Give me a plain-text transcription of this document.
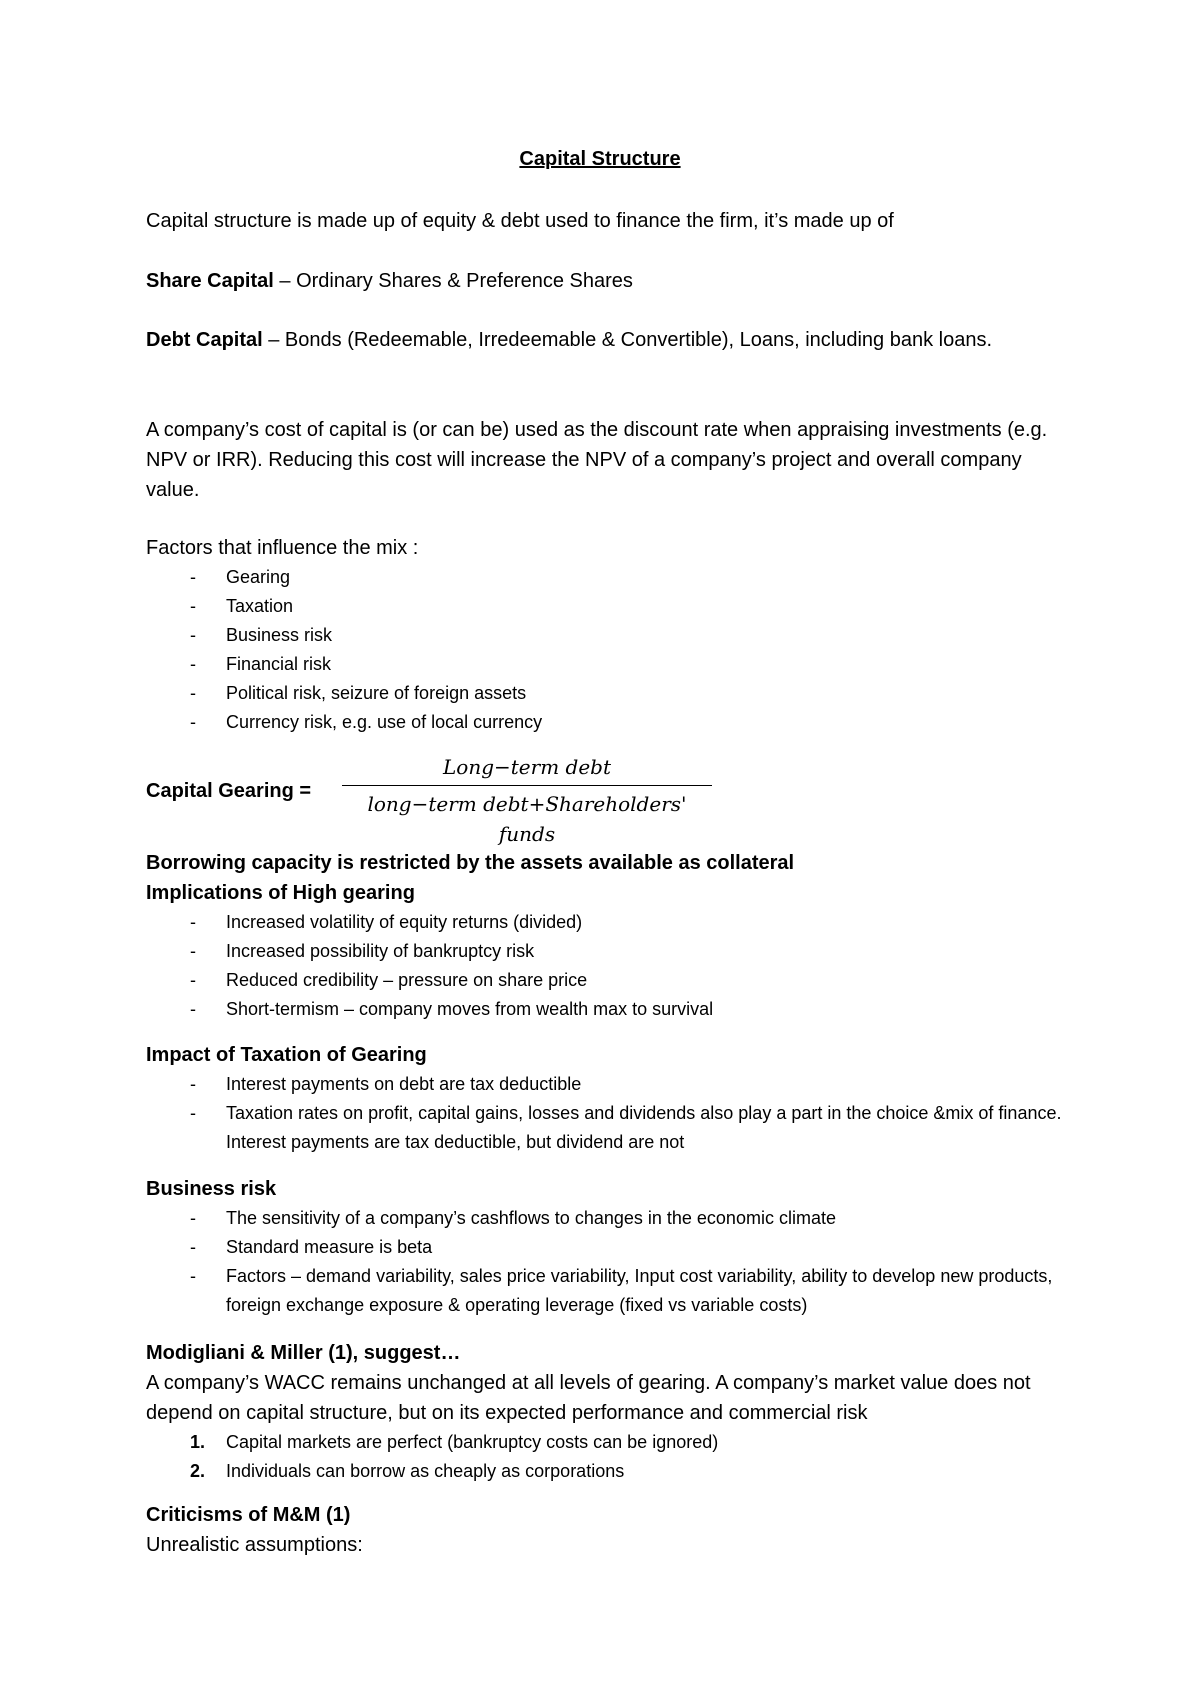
Capital Structure

Capital structure is made up of equity & debt used to finance the firm, it’s made up of

Share Capital – Ordinary Shares & Preference Shares

Debt Capital – Bonds (Redeemable, Irredeemable & Convertible), Loans, including bank loans.

A company’s cost of capital is (or can be) used as the discount rate when appraising investments (e.g. NPV or IRR). Reducing this cost will increase the NPV of a company’s project and overall company value.

Factors that influence the mix :

- Gearing
- Taxation
- Business risk
- Financial risk
- Political risk, seizure of foreign assets
- Currency risk, e.g. use of local currency
Capital Gearing =
Long−term debt
long−term debt+Shareholders' funds

Borrowing capacity is restricted by the assets available as collateral

Implications of High gearing

- Increased volatility of equity returns (divided)
- Increased possibility of bankruptcy risk
- Reduced credibility – pressure on share price
- Short-termism – company moves from wealth max to survival

Impact of Taxation of Gearing

- Interest payments on debt are tax deductible
- Taxation rates on profit, capital gains, losses and dividends also play a part in the choice &mix of finance. Interest payments are tax deductible, but dividend are not

Business risk

- The sensitivity of a company’s cashflows to changes in the economic climate
- Standard measure is beta
- Factors – demand variability, sales price variability, Input cost variability, ability to develop new products, foreign exchange exposure & operating leverage (fixed vs variable costs)

Modigliani & Miller (1), suggest…

A company’s WACC remains unchanged at all levels of gearing. A company’s market value does not depend on capital structure, but on its expected performance and commercial risk

1. Capital markets are perfect (bankruptcy costs can be ignored)
2. Individuals can borrow as cheaply as corporations

Criticisms of M&M (1)

Unrealistic assumptions:
